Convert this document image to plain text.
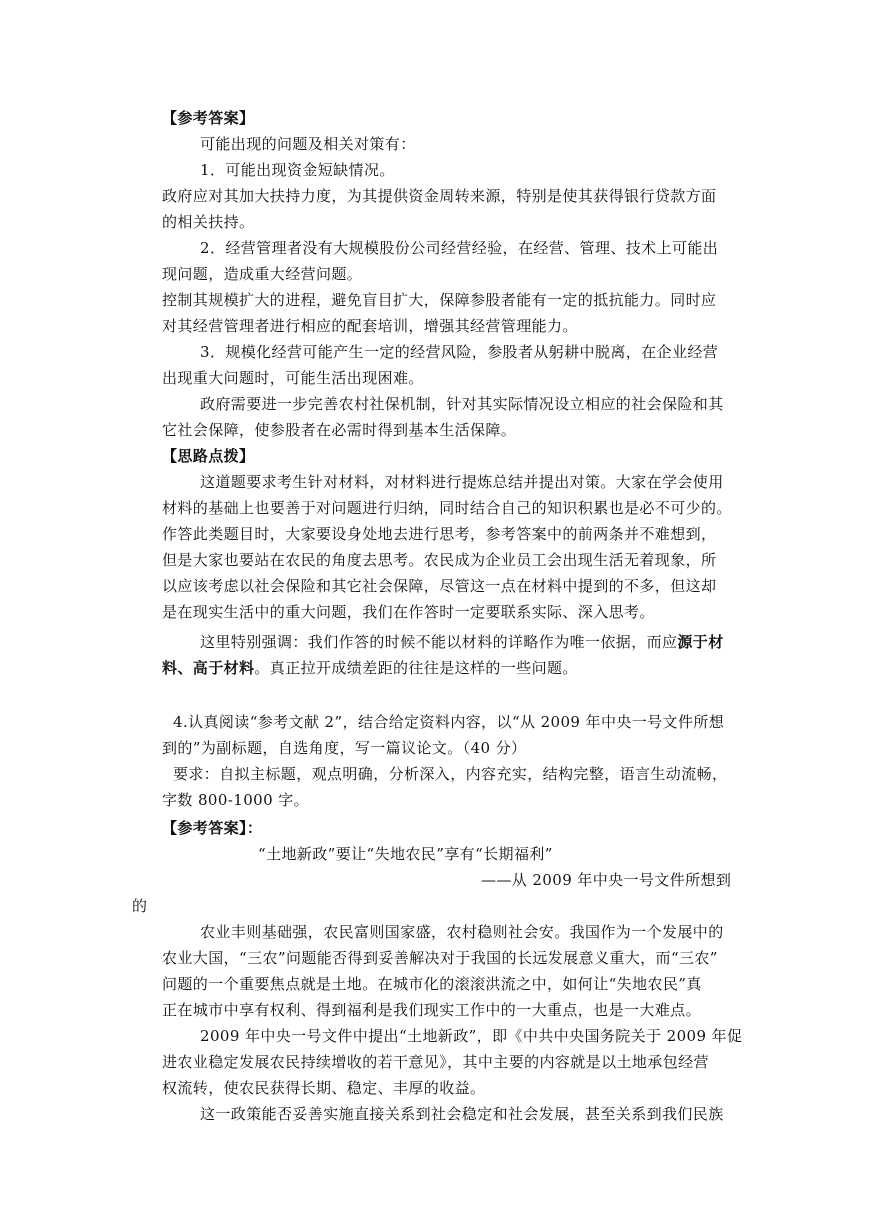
【参考答案】
可能出现的问题及相关对策有：
1．可能出现资金短缺情况。
政府应对其加大扶持力度，为其提供资金周转来源，特别是使其获得银行贷款方面
的相关扶持。
2．经营管理者没有大规模股份公司经营经验，在经营、管理、技术上可能出
现问题，造成重大经营问题。
控制其规模扩大的进程，避免盲目扩大，保障参股者能有一定的抵抗能力。同时应
对其经营管理者进行相应的配套培训，增强其经营管理能力。
3．规模化经营可能产生一定的经营风险，参股者从躬耕中脱离，在企业经营
出现重大问题时，可能生活出现困难。
政府需要进一步完善农村社保机制，针对其实际情况设立相应的社会保险和其
它社会保障，使参股者在必需时得到基本生活保障。
【思路点拨】
这道题要求考生针对材料，对材料进行提炼总结并提出对策。大家在学会使用
材料的基础上也要善于对问题进行归纳，同时结合自己的知识积累也是必不可少的。
作答此类题目时，大家要设身处地去进行思考，参考答案中的前两条并不难想到，
但是大家也要站在农民的角度去思考。农民成为企业员工会出现生活无着现象，所
以应该考虑以社会保险和其它社会保障，尽管这一点在材料中提到的不多，但这却
是在现实生活中的重大问题，我们在作答时一定要联系实际、深入思考。
这里特别强调：我们作答的时候不能以材料的详略作为唯一依据，而应源于材
料、高于材料。真正拉开成绩差距的往往是这样的一些问题。
4.认真阅读“参考文献 2”，结合给定资料内容，以“从 2009 年中央一号文件所想
到的”为副标题，自选角度，写一篇议论文。（40 分）
要求：自拟主标题，观点明确，分析深入，内容充实，结构完整，语言生动流畅，
字数 800-1000 字。
【参考答案】：
“土地新政”要让“失地农民”享有“长期福利”
——从 2009 年中央一号文件所想到
的
农业丰则基础强，农民富则国家盛，农村稳则社会安。我国作为一个发展中的
农业大国，“三农”问题能否得到妥善解决对于我国的长远发展意义重大，而“三农”
问题的一个重要焦点就是土地。在城市化的滚滚洪流之中，如何让“失地农民”真
正在城市中享有权利、得到福利是我们现实工作中的一大重点，也是一大难点。
2009 年中央一号文件中提出“土地新政”，即《中共中央国务院关于 2009 年促
进农业稳定发展农民持续增收的若干意见》，其中主要的内容就是以土地承包经营
权流转，使农民获得长期、稳定、丰厚的收益。
这一政策能否妥善实施直接关系到社会稳定和社会发展，甚至关系到我们民族
